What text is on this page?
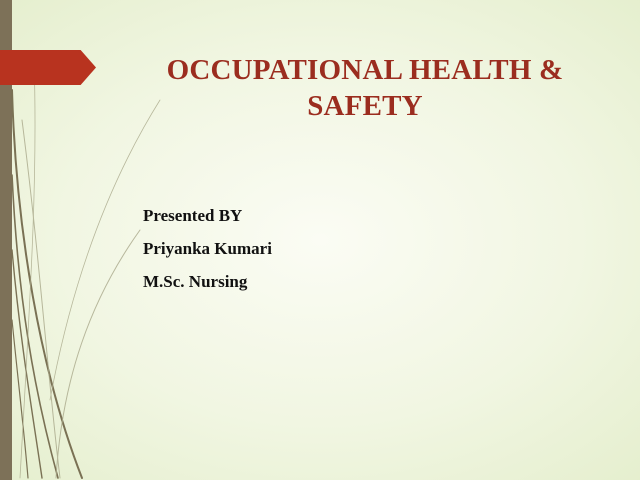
OCCUPATIONAL HEALTH &
SAFETY
Presented BY
Priyanka Kumari
M.Sc. Nursing
